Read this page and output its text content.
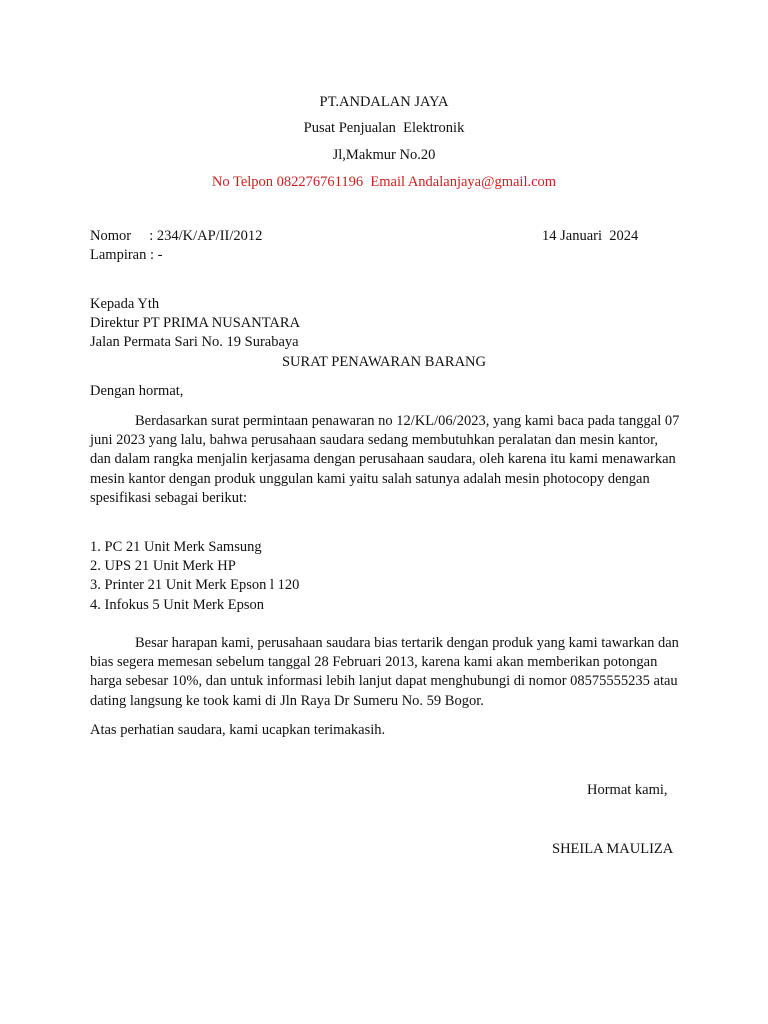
PT.ANDALAN JAYA
Pusat Penjualan  Elektronik
Jl,Makmur No.20
No Telpon 082276761196  Email Andalanjaya@gmail.com
Nomor     : 234/K/AP/II/2012	14 Januari  2024
Lampiran : -
Kepada Yth
Direktur PT PRIMA NUSANTARA
Jalan Permata Sari No. 19 Surabaya
SURAT PENAWARAN BARANG
Dengan hormat,
Berdasarkan surat permintaan penawaran no 12/KL/06/2023, yang kami baca pada tanggal 07 juni 2023 yang lalu, bahwa perusahaan saudara sedang membutuhkan peralatan dan mesin kantor, dan dalam rangka menjalin kerjasama dengan perusahaan saudara, oleh karena itu kami menawarkan mesin kantor dengan produk unggulan kami yaitu salah satunya adalah mesin photocopy dengan spesifikasi sebagai berikut:
1. PC 21 Unit Merk Samsung
2. UPS 21 Unit Merk HP
3. Printer 21 Unit Merk Epson l 120
4. Infokus 5 Unit Merk Epson
Besar harapan kami, perusahaan saudara bias tertarik dengan produk yang kami tawarkan dan bias segera memesan sebelum tanggal 28 Februari 2013, karena kami akan memberikan potongan harga sebesar 10%, dan untuk informasi lebih lanjut dapat menghubungi di nomor 08575555235 atau dating langsung ke took kami di Jln Raya Dr Sumeru No. 59 Bogor.
Atas perhatian saudara, kami ucapkan terimakasih.
Hormat kami,
SHEILA MAULIZA
